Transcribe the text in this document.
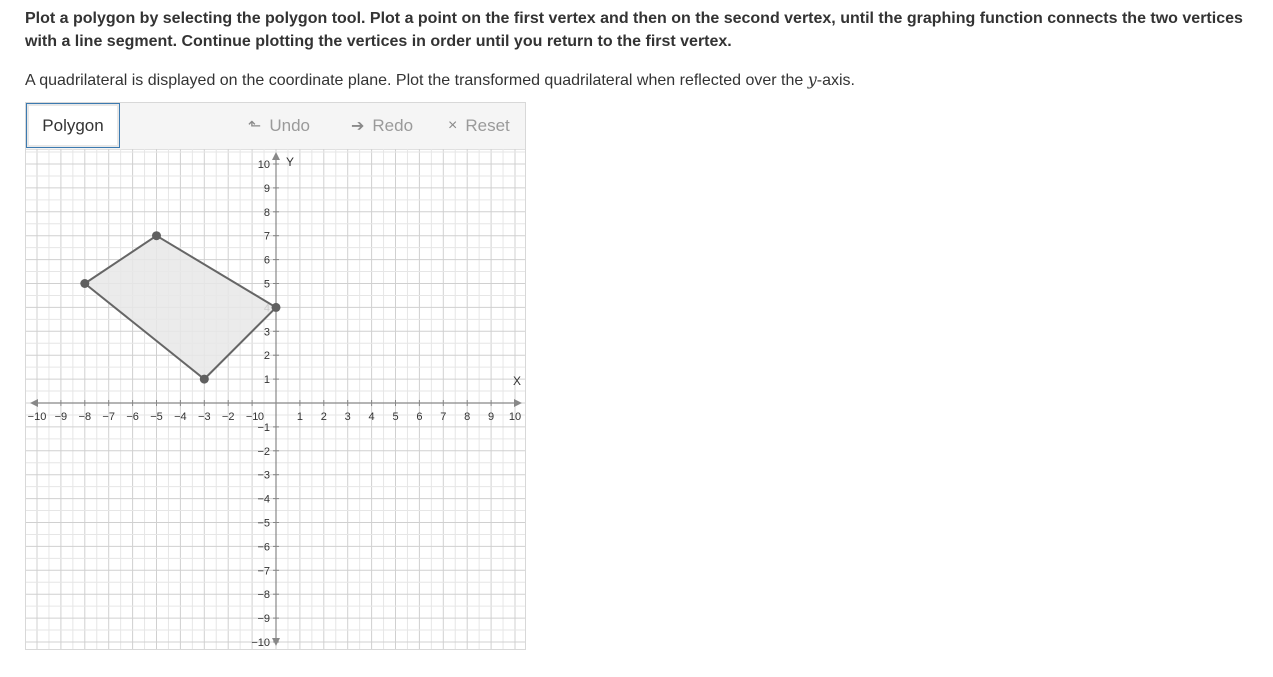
Plot a polygon by selecting the polygon tool. Plot a point on the first vertex and then on the second vertex, until the graphing function connects the two vertices with a line segment. Continue plotting the vertices in order until you return to the first vertex.
A quadrilateral is displayed on the coordinate plane. Plot the transformed quadrilateral when reflected over the y-axis.
Polygon	⬑ Undo	➔ Redo × Reset
−10 −9 −8 −7 −6 −5 −4 −3 −2 −1	1 2 3 4 5 6 7 8 9 10
−10
−9
−8
−7
−6
−5
−4
−3
−2
−1
0
1
2
3
5
6
7
8
9
10
X
Y
